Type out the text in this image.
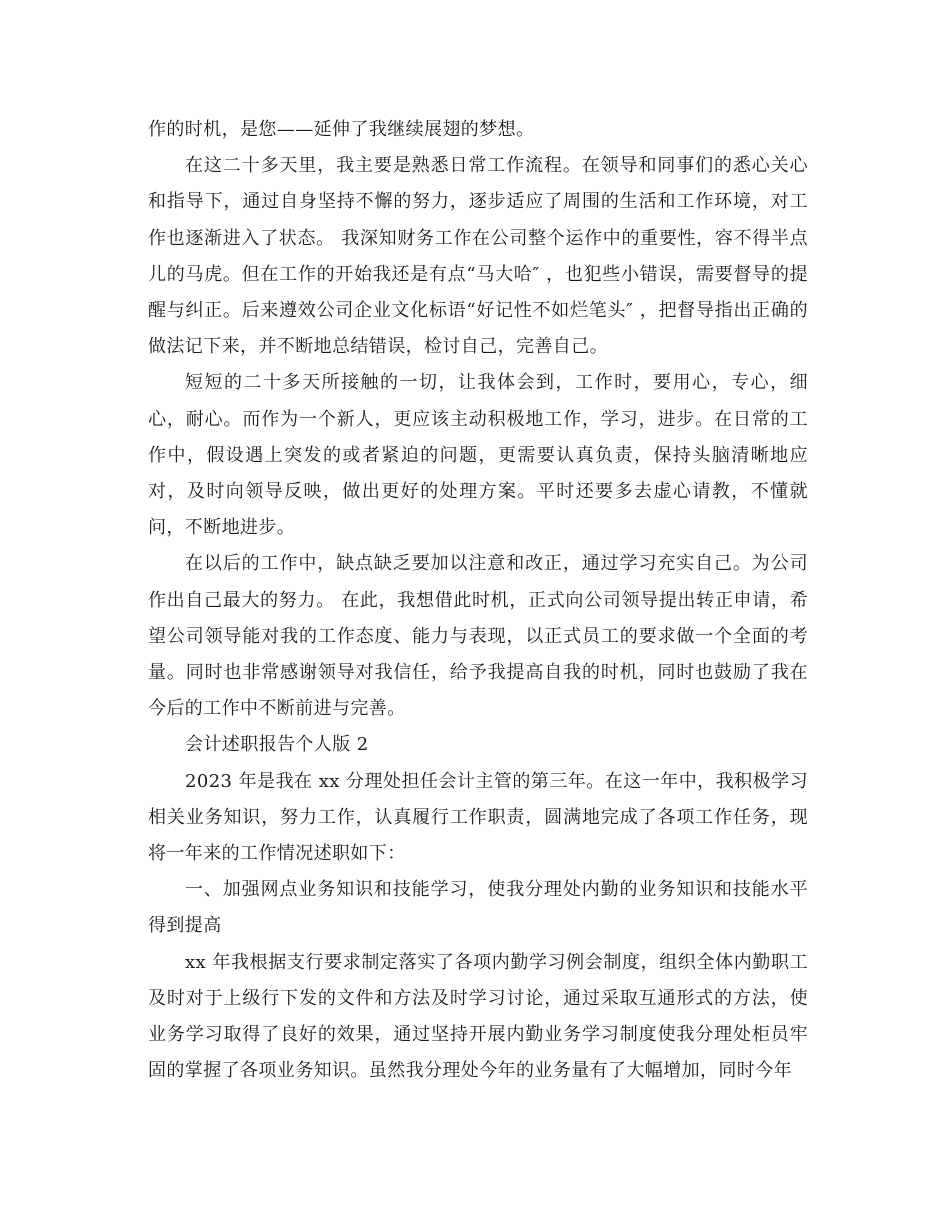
作的时机，是您——延伸了我继续展翅的梦想。

在这二十多天里，我主要是熟悉日常工作流程。在领导和同事们的悉心关心和指导下，通过自身坚持不懈的努力，逐步适应了周围的生活和工作环境，对工作也逐渐进入了状态。 我深知财务工作在公司整个运作中的重要性，容不得半点儿的马虎。但在工作的开始我还是有点“马大哈″ ，也犯些小错误，需要督导的提醒与纠正。后来遵效公司企业文化标语“好记性不如烂笔头″ ，把督导指出正确的做法记下来，并不断地总结错误，检讨自己，完善自己。

短短的二十多天所接触的一切，让我体会到，工作时，要用心，专心，细心，耐心。而作为一个新人，更应该主动积极地工作，学习，进步。在日常的工作中，假设遇上突发的或者紧迫的问题，更需要认真负责，保持头脑清晰地应对，及时向领导反映，做出更好的处理方案。平时还要多去虚心请教，不懂就问，不断地进步。

在以后的工作中，缺点缺乏要加以注意和改正，通过学习充实自己。为公司作出自己最大的努力。 在此，我想借此时机，正式向公司领导提出转正申请，希望公司领导能对我的工作态度、能力与表现，以正式员工的要求做一个全面的考量。同时也非常感谢领导对我信任，给予我提高自我的时机，同时也鼓励了我在今后的工作中不断前进与完善。

会计述职报告个人版 2

2023 年是我在 xx 分理处担任会计主管的第三年。在这一年中，我积极学习相关业务知识，努力工作，认真履行工作职责，圆满地完成了各项工作任务，现将一年来的工作情况述职如下：

一、加强网点业务知识和技能学习，使我分理处内勤的业务知识和技能水平得到提高

xx 年我根据支行要求制定落实了各项内勤学习例会制度，组织全体内勤职工及时对于上级行下发的文件和方法及时学习讨论，通过采取互通形式的方法，使业务学习取得了良好的效果，通过坚持开展内勤业务学习制度使我分理处柜员牢固的掌握了各项业务知识。虽然我分理处今年的业务量有了大幅增加，同时今年
